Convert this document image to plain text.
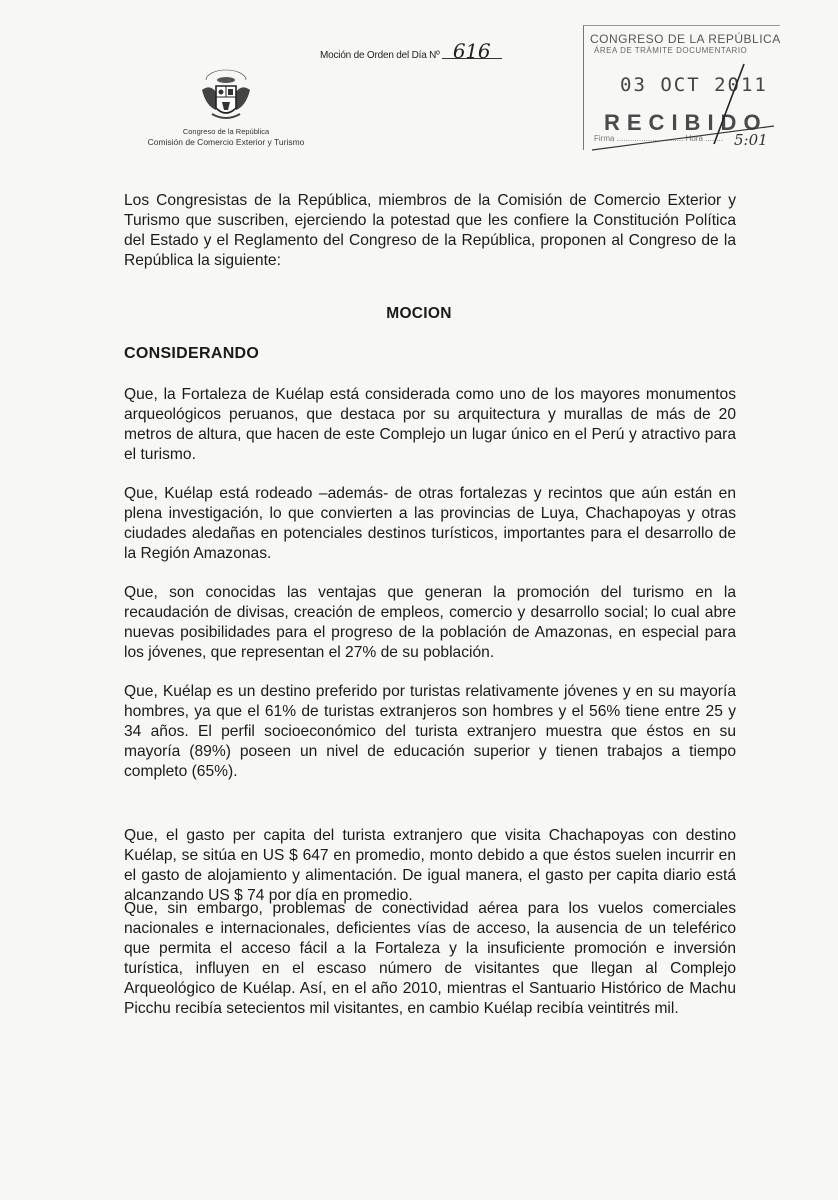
Moción de Orden del Día Nº 616
Congreso de la República
Comisión de Comercio Exterior y Turismo
CONGRESO DE LA REPÚBLICA
ÁREA DE TRÁMITE DOCUMENTARIO
03 OCT 2011
RECIBIDO
Firma .............................. Hora ........ 5:01

Los Congresistas de la República, miembros de la Comisión de Comercio Exterior y Turismo que suscriben, ejerciendo la potestad que les confiere la Constitución Política del Estado y el Reglamento del Congreso de la República, proponen al Congreso de la República la siguiente:

MOCION
CONSIDERANDO

Que, la Fortaleza de Kuélap está considerada como uno de los mayores monumentos arqueológicos peruanos, que destaca por su arquitectura y murallas de más de 20 metros de altura, que hacen de este Complejo un lugar único en el Perú y atractivo para el turismo.

Que, Kuélap está rodeado –además- de otras fortalezas y recintos que aún están en plena investigación, lo que convierten a las provincias de Luya, Chachapoyas y otras ciudades aledañas en potenciales destinos turísticos, importantes para el desarrollo de la Región Amazonas.

Que, son conocidas las ventajas que generan la promoción del turismo en la recaudación de divisas, creación de empleos, comercio y desarrollo social; lo cual abre nuevas posibilidades para el progreso de la población de Amazonas, en especial para los jóvenes, que representan el 27% de su población.

Que, Kuélap es un destino preferido por turistas relativamente jóvenes y en su mayoría hombres, ya que el 61% de turistas extranjeros son hombres y el 56% tiene entre 25 y 34 años. El perfil socioeconómico del turista extranjero muestra que éstos en su mayoría (89%) poseen un nivel de educación superior y tienen trabajos a tiempo completo (65%).

Que, el gasto per capita del turista extranjero que visita Chachapoyas con destino Kuélap, se sitúa en US $ 647 en promedio, monto debido a que éstos suelen incurrir en el gasto de alojamiento y alimentación. De igual manera, el gasto per capita diario está alcanzando US $ 74 por día en promedio.

Que, sin embargo, problemas de conectividad aérea para los vuelos comerciales nacionales e internacionales, deficientes vías de acceso, la ausencia de un teleférico que permita el acceso fácil a la Fortaleza y la insuficiente promoción e inversión turística, influyen en el escaso número de visitantes que llegan al Complejo Arqueológico de Kuélap. Así, en el año 2010, mientras el Santuario Histórico de Machu Picchu recibía setecientos mil visitantes, en cambio Kuélap recibía veintitrés mil.
